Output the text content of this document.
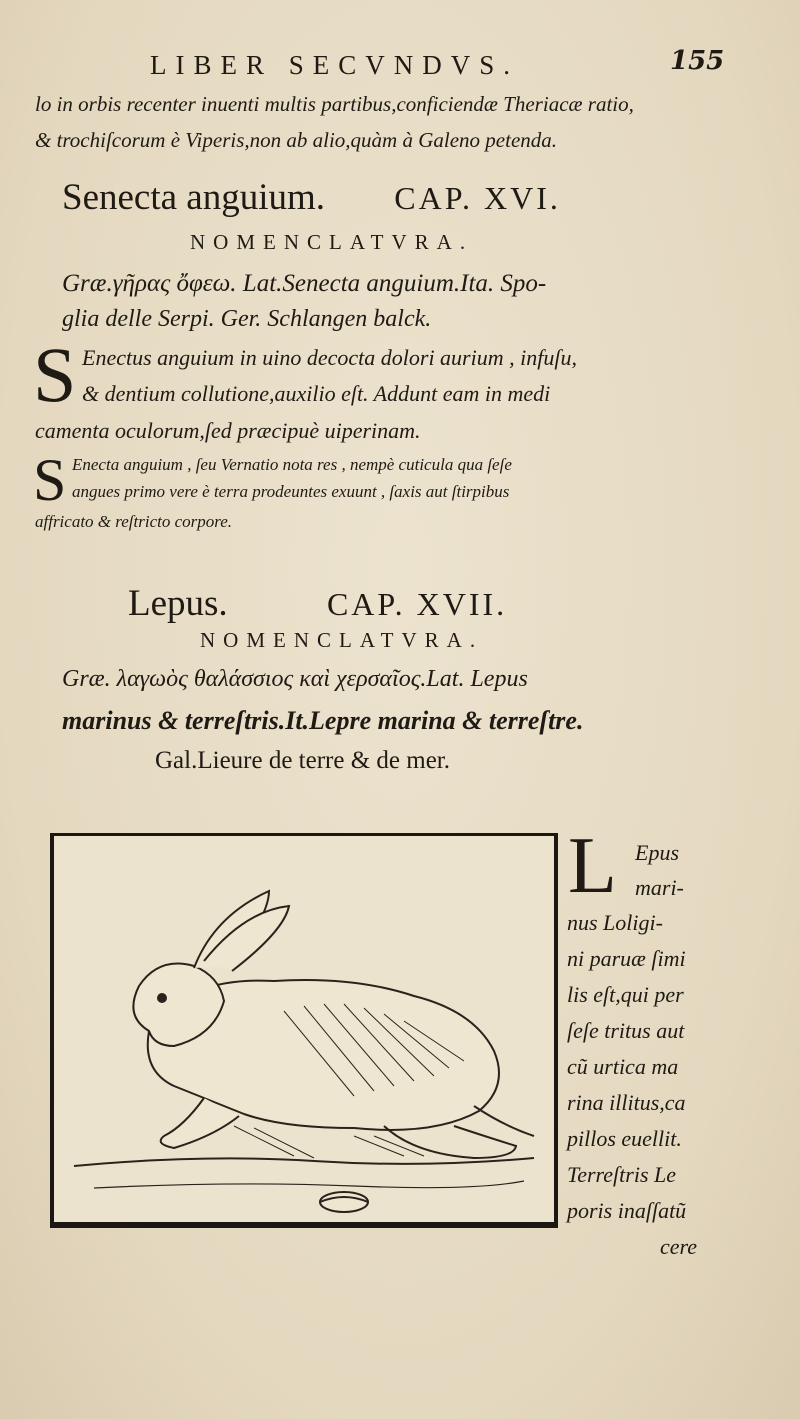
LIBER SECVNDVS.	155
lo in orbis recenter inuenti multis partibus,conficiendæ Theriacæ ratio,
& trochiſcorum è Viperis,non ab alio,quàm à Galeno petenda.
Senecta anguium. CAP. XVI.
NOMENCLATVRA.
Græ.γῆρας ὄφεω. Lat.Senecta anguium.Ita. Spo-
glia delle Serpi. Ger. Schlangen balck.
S Enectus anguium in uino decocta dolori aurium , infuſu,
& dentium collutione,auxilio eſt. Addunt eam in medi
camenta oculorum,ſed præcipuè uiperinam.
S Enecta anguium , ſeu Vernatio nota res , nempè cuticula qua ſeſe
angues primo vere è terra prodeuntes exuunt , ſaxis aut ſtirpibus
affricato & reſtricto corpore.
Lepus.	CAP. XVII.
NOMENCLATVRA.
Græ. λαγωὸς θαλάσσιος καὶ χερσαῖος.Lat. Lepus
marinus & terreſtris.It.Lepre marina & terreſtre.
Gal.Lieure de terre & de mer.
L Epus
mari-
nus Loligi-
ni paruæ ſimi
lis eſt,qui per
ſeſe tritus aut
cũ urtica ma
rina illitus,ca
pillos euellit.
Terreſtris Le
poris inaſſatũ
cere
